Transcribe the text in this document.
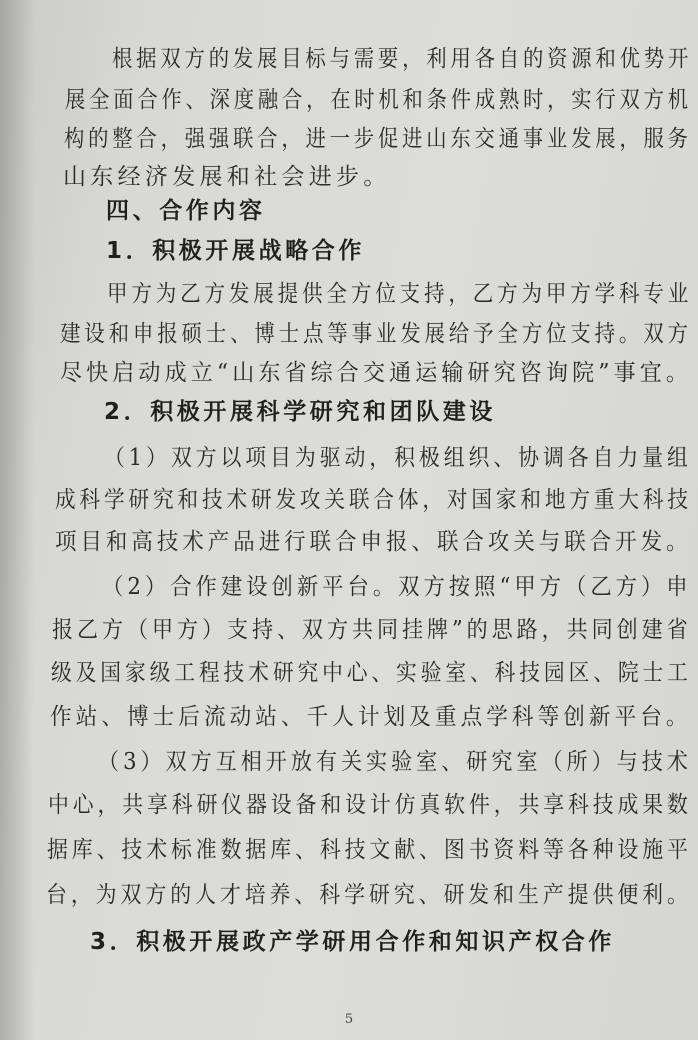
根据双方的发展目标与需要，利用各自的资源和优势开
展全面合作、深度融合，在时机和条件成熟时，实行双方机
构的整合，强强联合，进一步促进山东交通事业发展，服务
山东经济发展和社会进步。
四、合作内容
1．积极开展战略合作
甲方为乙方发展提供全方位支持，乙方为甲方学科专业
建设和申报硕士、博士点等事业发展给予全方位支持。双方
尽快启动成立“山东省综合交通运输研究咨询院”事宜。
2．积极开展科学研究和团队建设
（1）双方以项目为驱动，积极组织、协调各自力量组
成科学研究和技术研发攻关联合体，对国家和地方重大科技
项目和高技术产品进行联合申报、联合攻关与联合开发。
（2）合作建设创新平台。双方按照“甲方（乙方）申
报乙方（甲方）支持、双方共同挂牌”的思路，共同创建省
级及国家级工程技术研究中心、实验室、科技园区、院士工
作站、博士后流动站、千人计划及重点学科等创新平台。
（3）双方互相开放有关实验室、研究室（所）与技术
中心，共享科研仪器设备和设计仿真软件，共享科技成果数
据库、技术标准数据库、科技文献、图书资料等各种设施平
台，为双方的人才培养、科学研究、研发和生产提供便利。
3．积极开展政产学研用合作和知识产权合作
5
